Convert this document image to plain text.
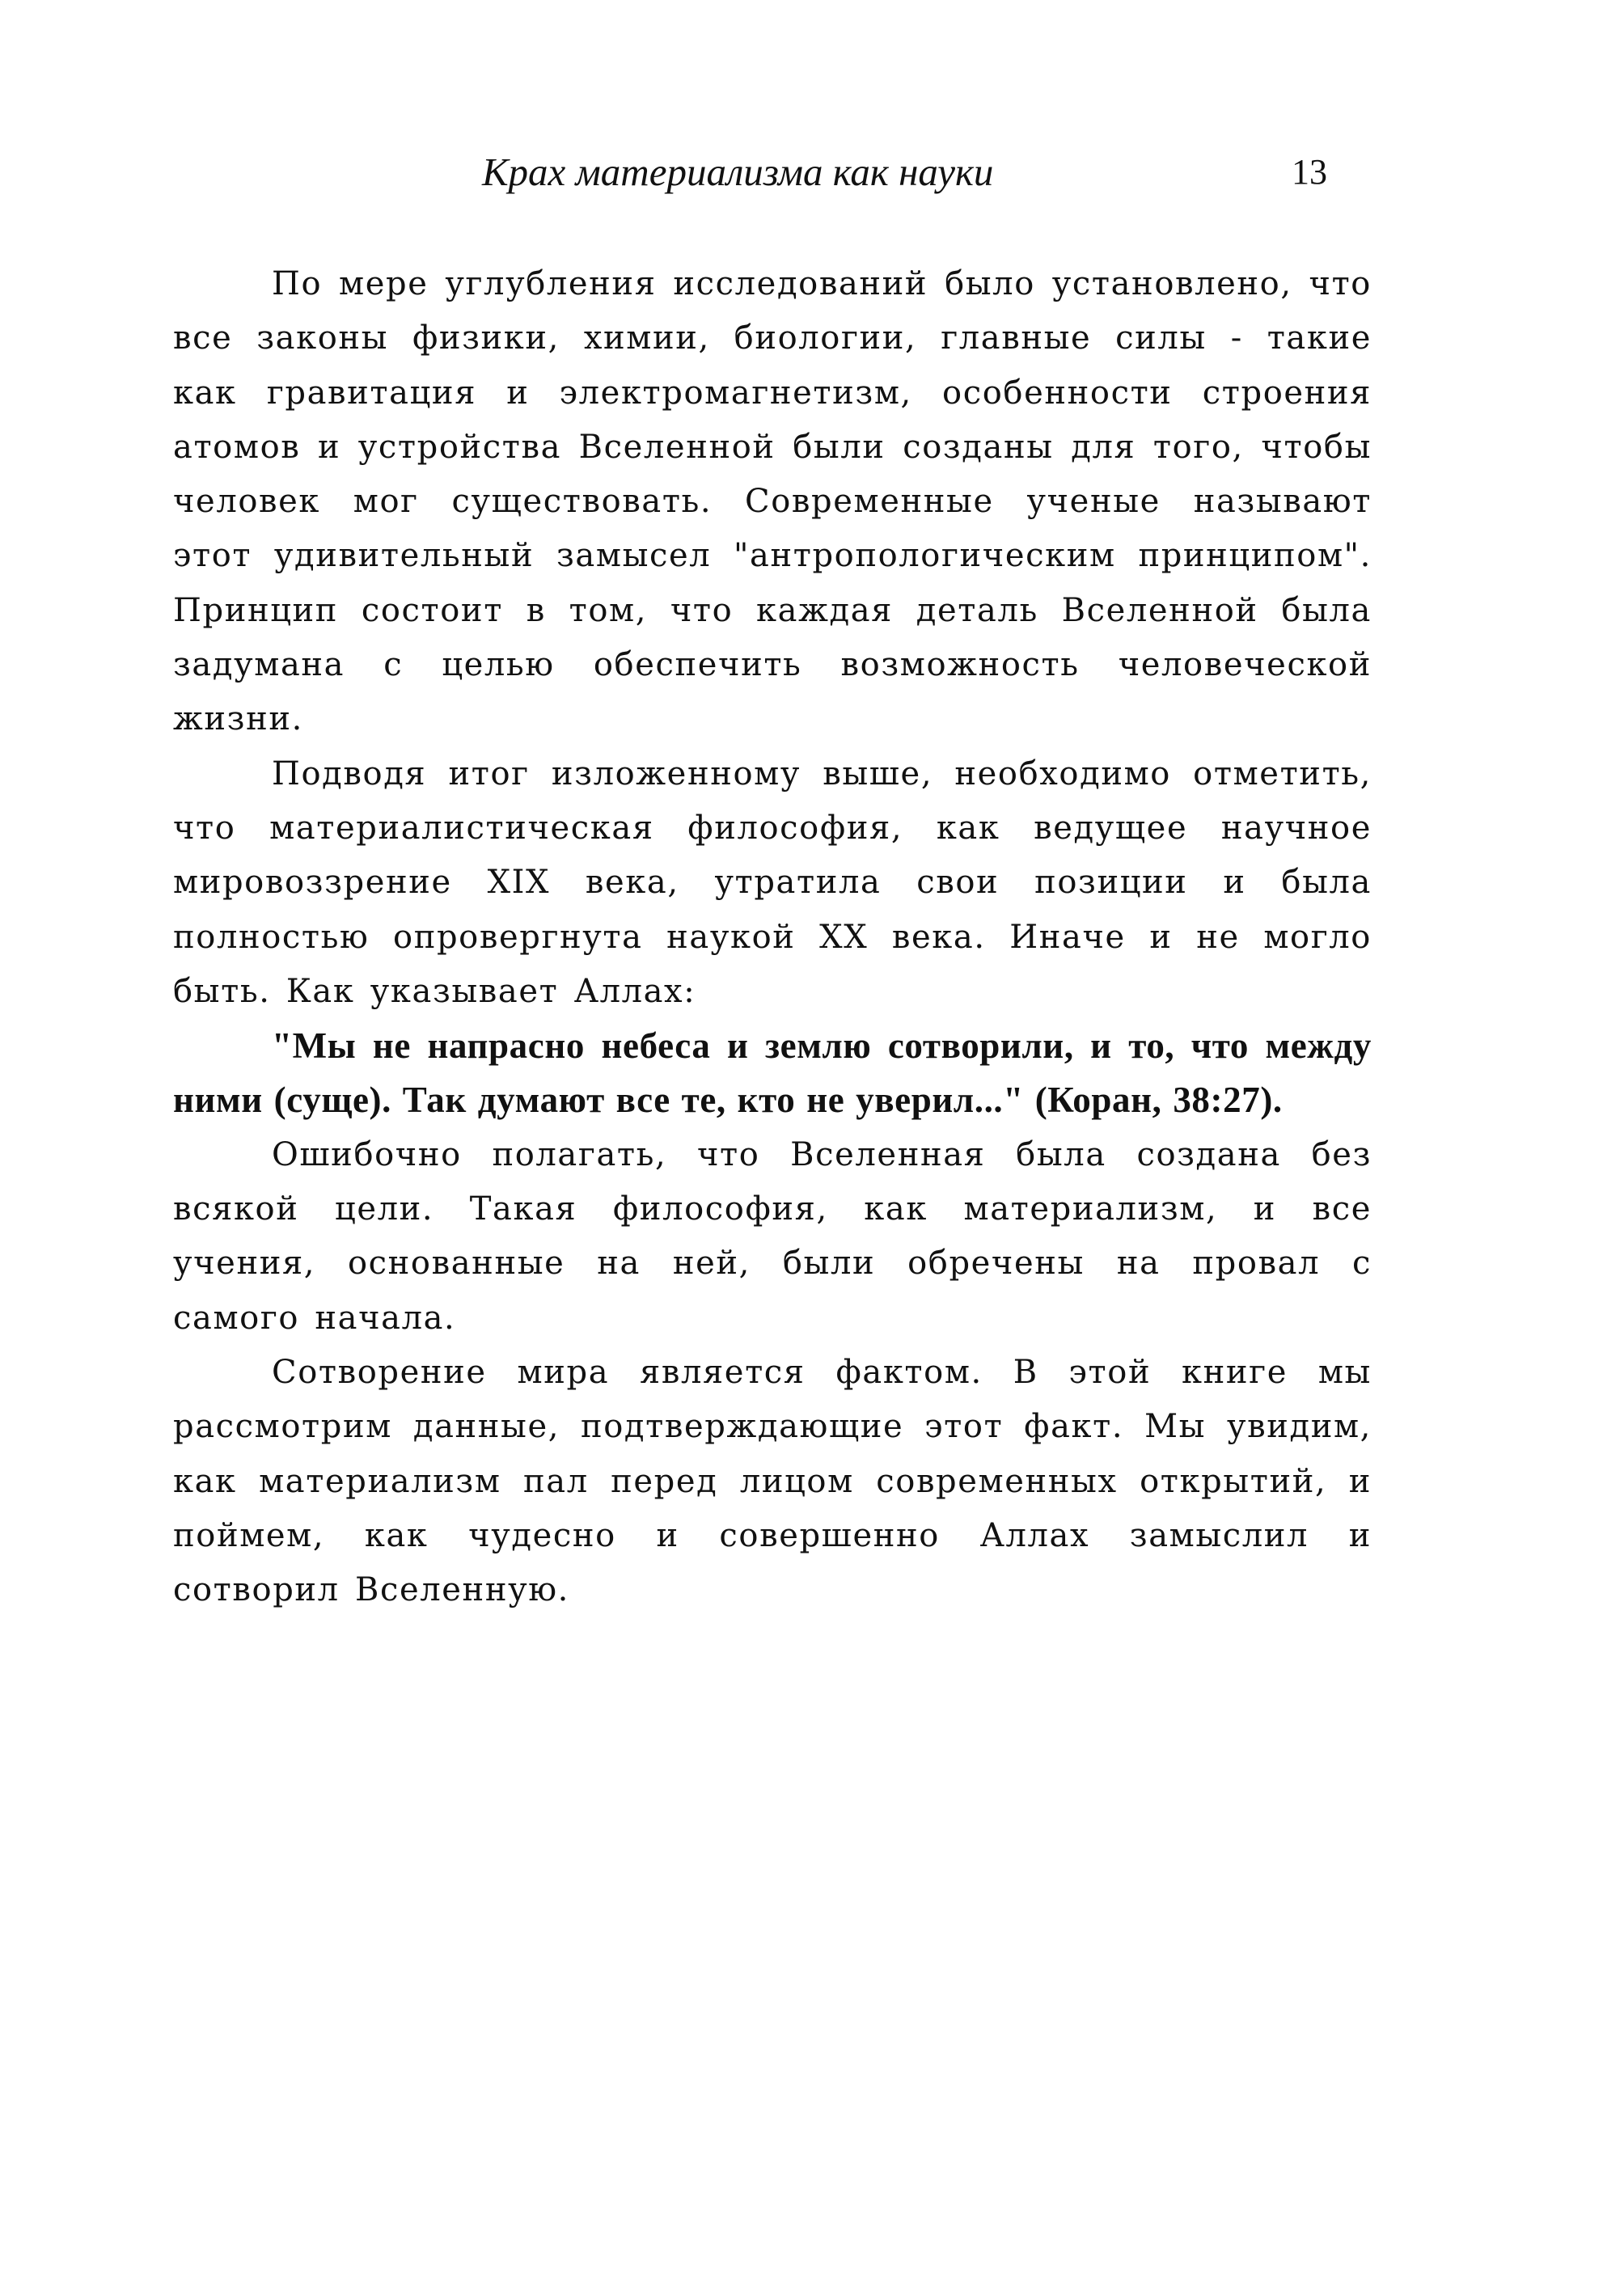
Крах материализма как науки	13

По мере углубления исследований было установлено, что все законы физики, химии, биологии, главные силы - такие как гравитация и электромагнетизм, особенности строения атомов и устройства Вселенной были созданы для того, чтобы человек мог существовать. Современные ученые называют этот удивительный замысел "антропологическим принципом". Принцип состоит в том, что каждая деталь Вселенной была задумана с целью обеспечить возможность человеческой жизни.

Подводя итог изложенному выше, необходимо отметить, что материалистическая философия, как ведущее научное мировоззрение XIX века, утратила свои позиции и была полностью опровергнута наукой XX века. Иначе и не могло быть. Как указывает Аллах:

"Мы не напрасно небеса и землю сотворили, и то, что между ними (суще). Так думают все те, кто не уверил..." (Коран, 38:27).

Ошибочно полагать, что Вселенная была создана без всякой цели. Такая философия, как материализм, и все учения, основанные на ней, были обречены на провал с самого начала.

Сотворение мира является фактом. В этой книге мы рассмотрим данные, подтверждающие этот факт. Мы увидим, как материализм пал перед лицом современных открытий, и поймем, как чудесно и совершенно Аллах замыслил и сотворил Вселенную.
